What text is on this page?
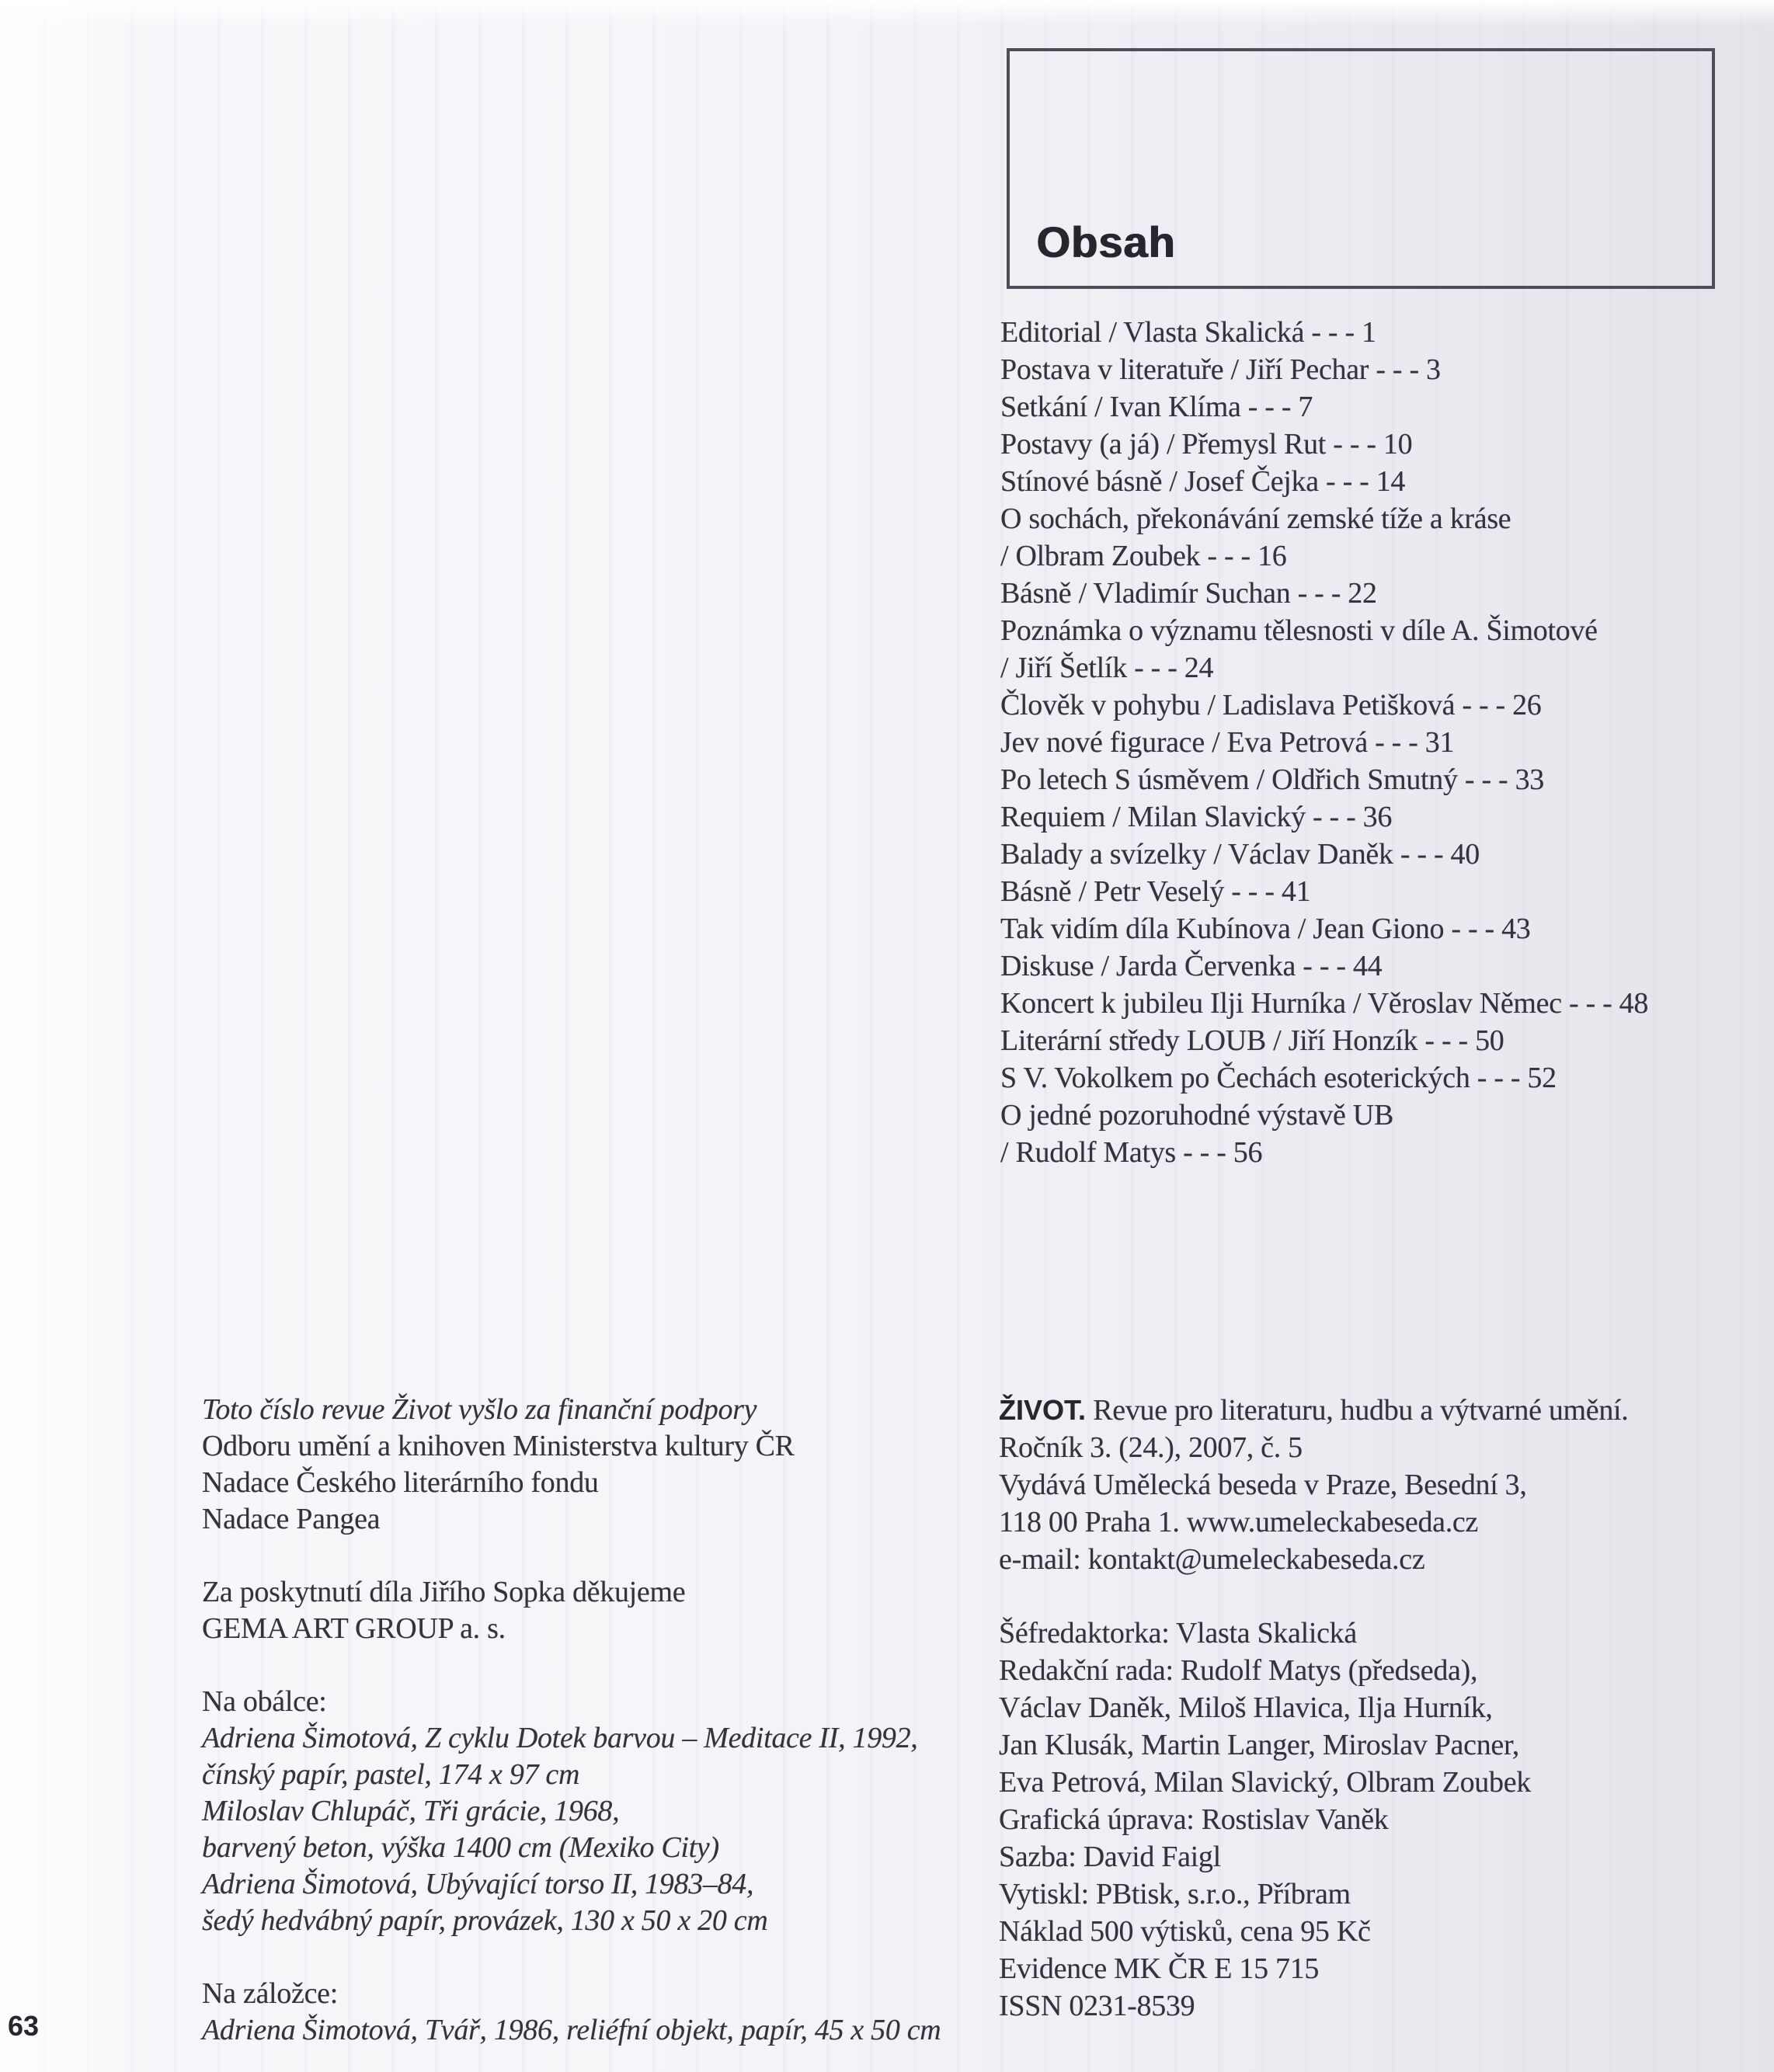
Obsah
Editorial / Vlasta Skalická - - - 1
Postava v literatuře / Jiří Pechar - - - 3
Setkání / Ivan Klíma - - - 7
Postavy (a já) / Přemysl Rut - - - 10
Stínové básně / Josef Čejka - - - 14
O sochách, překonávání zemské tíže a kráse
/ Olbram Zoubek - - - 16
Básně / Vladimír Suchan - - - 22
Poznámka o významu tělesnosti v díle A. Šimotové
/ Jiří Šetlík - - - 24
Člověk v pohybu / Ladislava Petišková - - - 26
Jev nové figurace / Eva Petrová - - - 31
Po letech S úsměvem / Oldřich Smutný - - - 33
Requiem / Milan Slavický - - - 36
Balady a svízelky / Václav Daněk - - - 40
Básně / Petr Veselý - - - 41
Tak vidím díla Kubínova / Jean Giono - - - 43
Diskuse / Jarda Červenka - - - 44
Koncert k jubileu Ilji Hurníka / Věroslav Němec - - - 48
Literární středy LOUB / Jiří Honzík - - - 50
S V. Vokolkem po Čechách esoterických - - - 52
O jedné pozoruhodné výstavě UB
/ Rudolf Matys - - - 56
Toto číslo revue Život vyšlo za finanční podpory
Odboru umění a knihoven Ministerstva kultury ČR
Nadace Českého literárního fondu
Nadace Pangea
Za poskytnutí díla Jiřího Sopka děkujeme
GEMA ART GROUP a. s.
Na obálce:
Adriena Šimotová, Z cyklu Dotek barvou – Meditace II, 1992,
čínský papír, pastel, 174 x 97 cm
Miloslav Chlupáč, Tři grácie, 1968,
barvený beton, výška 1400 cm (Mexiko City)
Adriena Šimotová, Ubývající torso II, 1983–84,
šedý hedvábný papír, provázek, 130 x 50 x 20 cm
Na záložce:
Adriena Šimotová, Tvář, 1986, reliéfní objekt, papír, 45 x 50 cm
ŽIVOT. Revue pro literaturu, hudbu a výtvarné umění.
Ročník 3. (24.), 2007, č. 5
Vydává Umělecká beseda v Praze, Besední 3,
118 00 Praha 1. www.umeleckabeseda.cz
e-mail: kontakt@umeleckabeseda.cz
Šéfredaktorka: Vlasta Skalická
Redakční rada: Rudolf Matys (předseda),
Václav Daněk, Miloš Hlavica, Ilja Hurník,
Jan Klusák, Martin Langer, Miroslav Pacner,
Eva Petrová, Milan Slavický, Olbram Zoubek
Grafická úprava: Rostislav Vaněk
Sazba: David Faigl
Vytiskl: PBtisk, s.r.o., Příbram
Náklad 500 výtisků, cena 95 Kč
Evidence MK ČR E 15 715
ISSN 0231-8539
63
